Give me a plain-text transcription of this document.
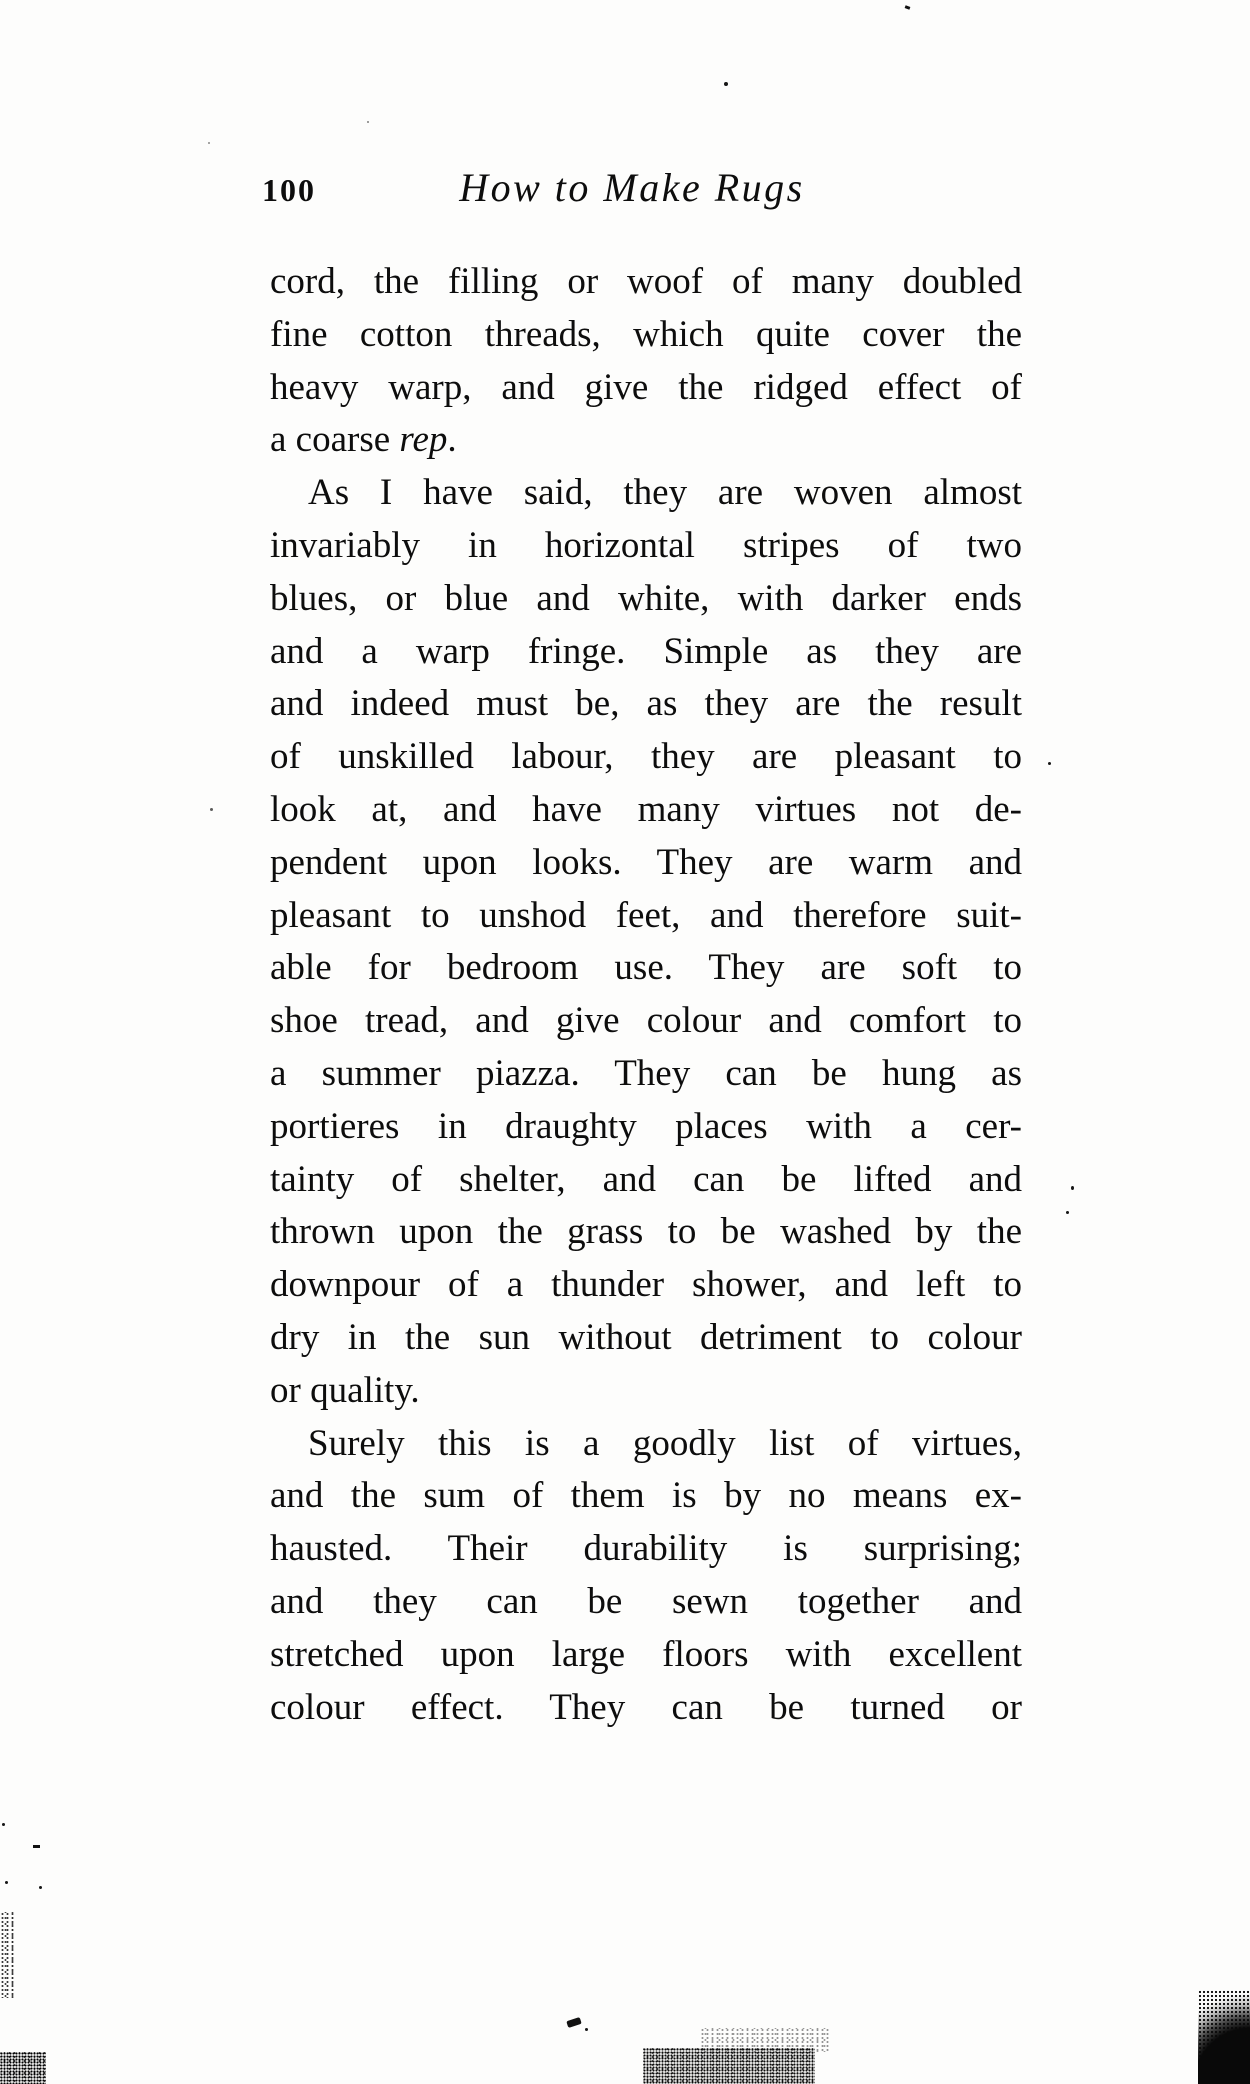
100	How to Make Rugs
cord, the filling or woof of many doubled
fine cotton threads, which quite cover the
heavy warp, and give the ridged effect of
a coarse rep.
As I have said, they are woven almost
invariably in horizontal stripes of two
blues, or blue and white, with darker ends
and a warp fringe. Simple as they are
and indeed must be, as they are the result
of unskilled labour, they are pleasant to
look at, and have many virtues not de-
pendent upon looks. They are warm and
pleasant to unshod feet, and therefore suit-
able for bedroom use. They are soft to
shoe tread, and give colour and comfort to
a summer piazza. They can be hung as
portieres in draughty places with a cer-
tainty of shelter, and can be lifted and
thrown upon the grass to be washed by the
downpour of a thunder shower, and left to
dry in the sun without detriment to colour
or quality.
Surely this is a goodly list of virtues,
and the sum of them is by no means ex-
hausted. Their durability is surprising;
and they can be sewn together and
stretched upon large floors with excellent
colour effect. They can be turned or
